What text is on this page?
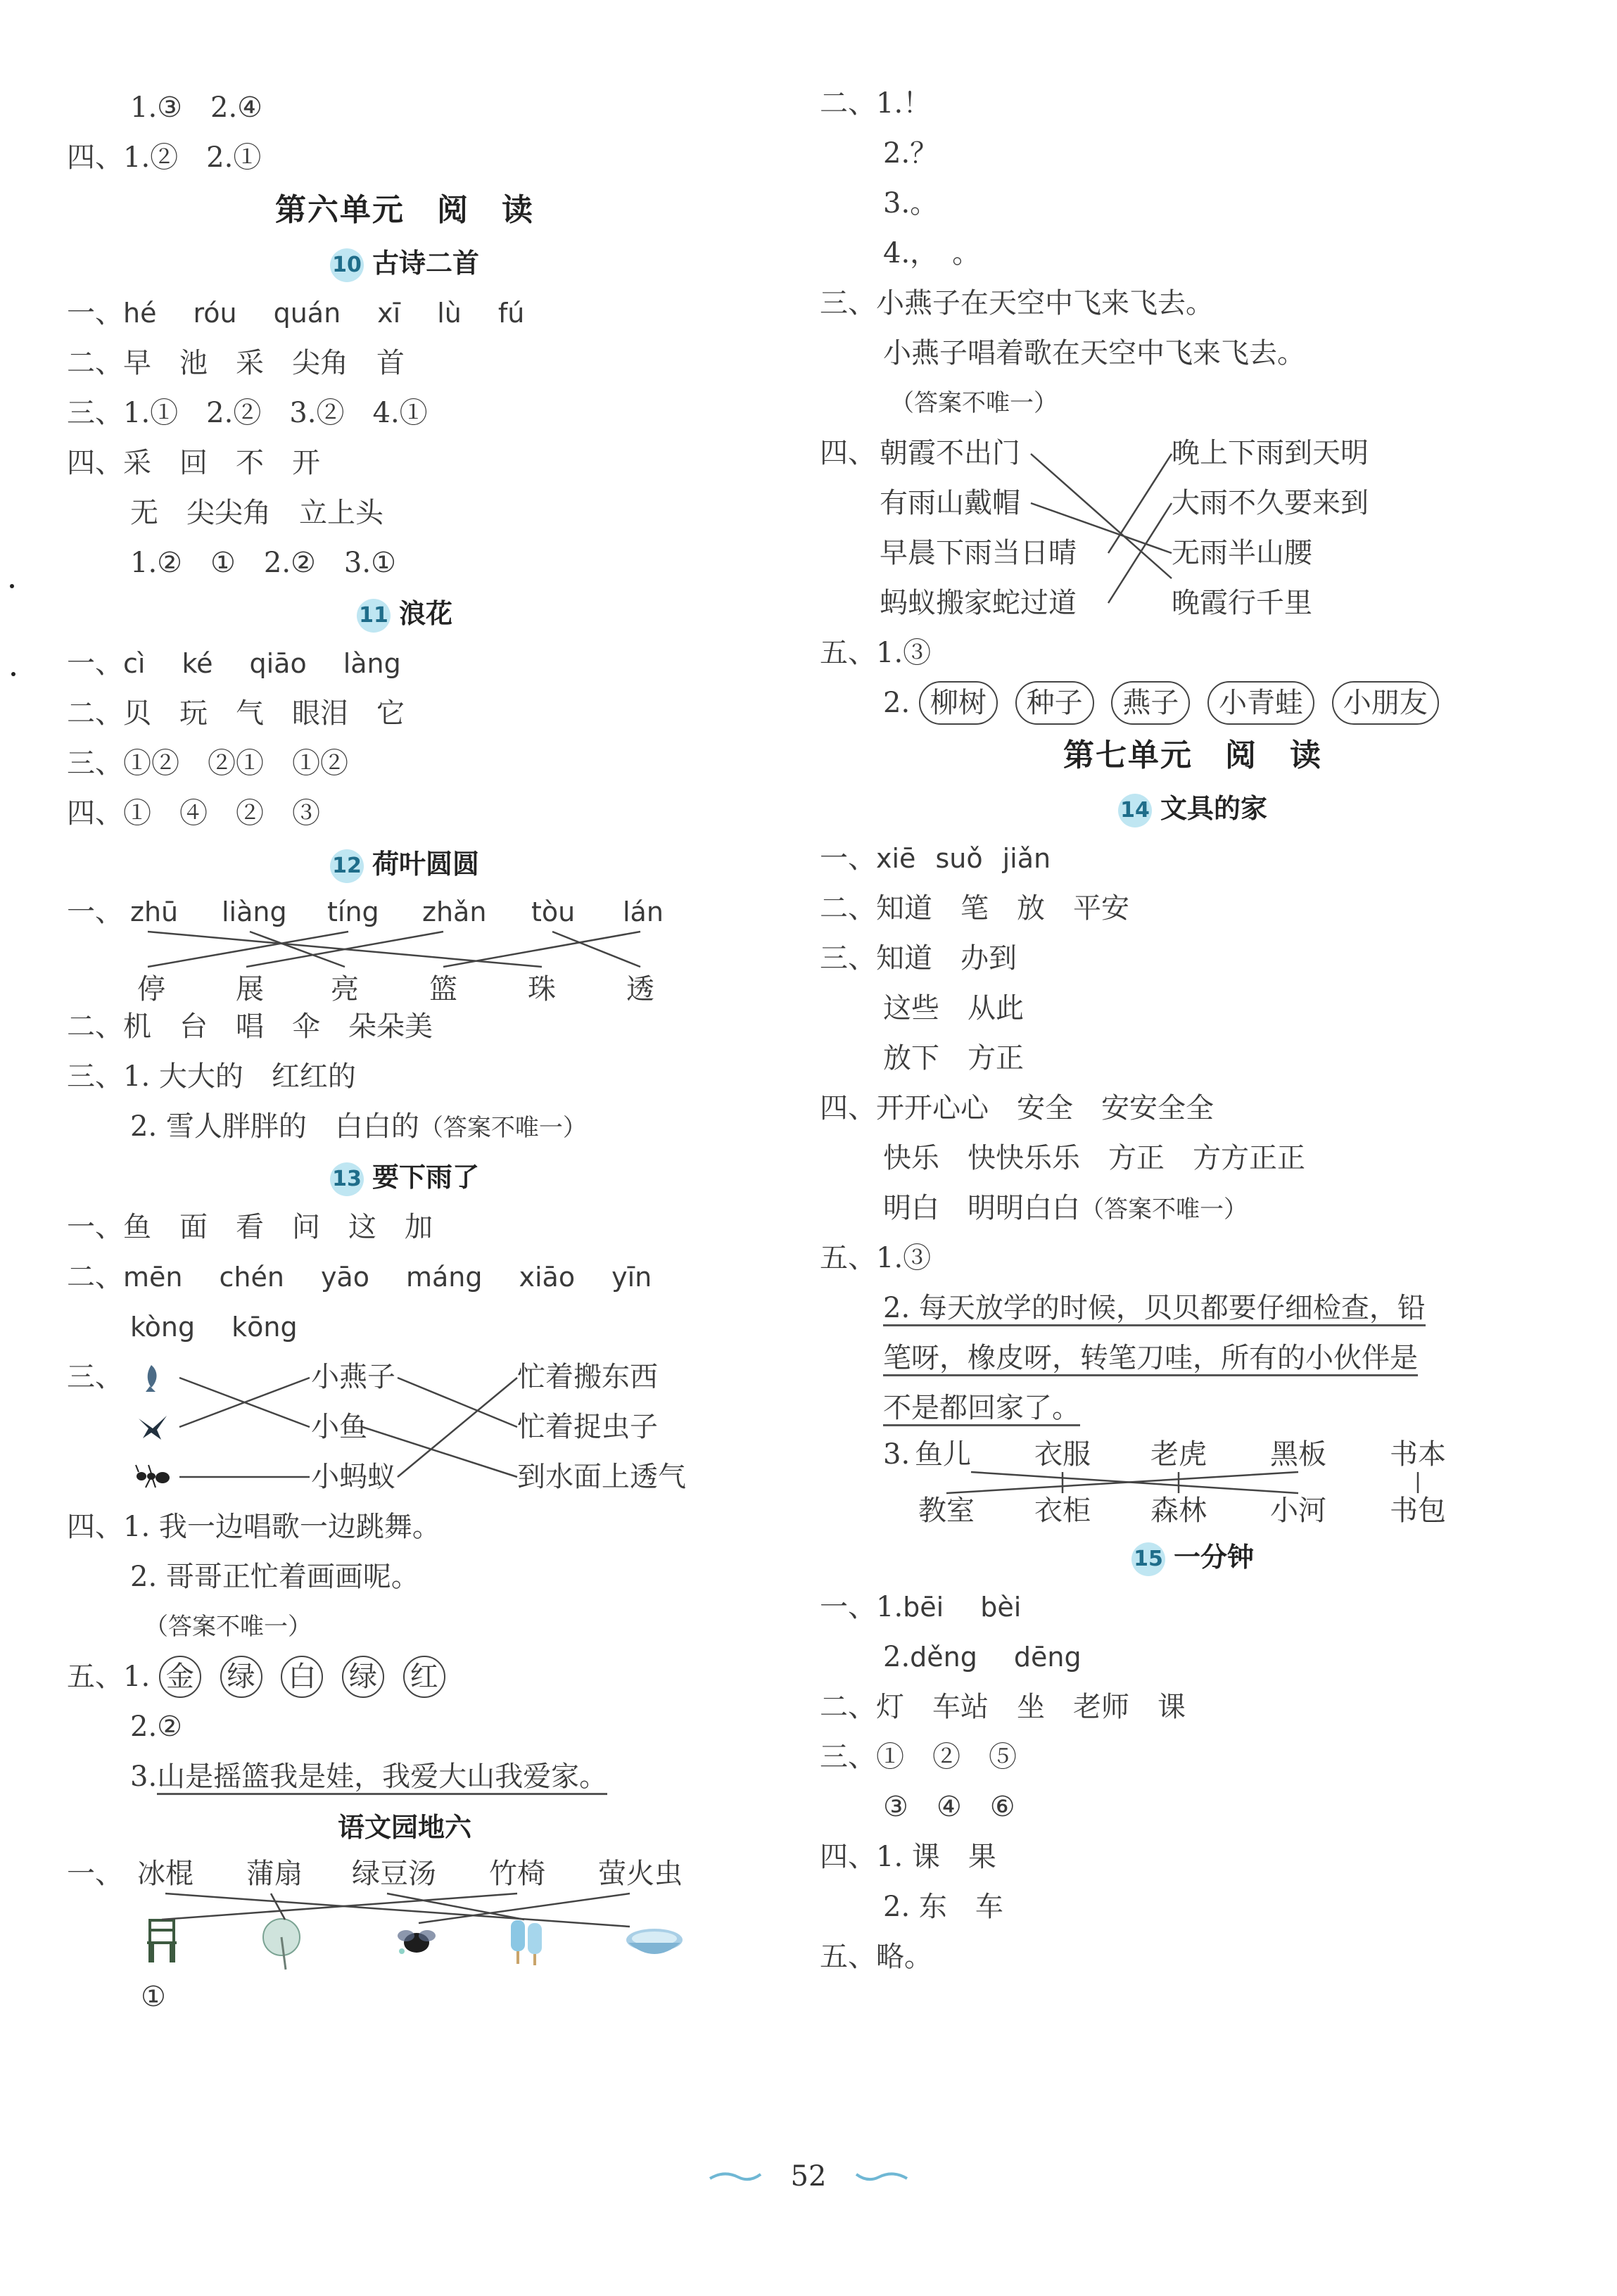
1.③　2.④
四、1.②　2.①
第六单元　阅　读
10 古诗二首
一、hé róu quán xī lù fú
二、早　池　采　尖角　首
三、1.①　2.②　3.②　4.①
四、采　回　不　开
无　尖尖角　立上头
1.②　①　2.②　3.①
11 浪花
一、cì ké qiāo làng
二、贝　玩　气　眼泪　它
三、①②　②①　①②
四、①　④　②　③
12 荷叶圆圆
一、 zhū liàng tíng zhǎn tòu lán
停	展 亮	篮	珠	透
二、机　台　唱　伞　朵朵美
三、1. 大大的　红红的
2. 雪人胖胖的　白白的（答案不唯一）
13 要下雨了
一、鱼　面　看　问　这　加
二、mēn chén yāo máng xiāo yīn
kòng kōng
三、	小燕子
小鱼
小蚂蚁
忙着搬东西
忙着捉虫子
到水面上透气
四、1. 我一边唱歌一边跳舞。
2. 哥哥正忙着画画呢。
（答案不唯一）
五、1. 金 绿 白 绿 红
2.②
3.山是摇篮我是娃，我爱大山我爱家。
语文园地六
一、 冰棍 蒲扇 绿豆汤 竹椅 萤火虫
①
二、1.！
2.？
3.。
4.，　。
三、小燕子在天空中飞来飞去。
小燕子唱着歌在天空中飞来飞去。
（答案不唯一）
四、 朝霞不出门
有雨山戴帽
早晨下雨当日晴
蚂蚁搬家蛇过道
晚上下雨到天明
大雨不久要来到
无雨半山腰
晚霞行千里
五、1.③
2. 柳树 种子 燕子 小青蛙 小朋友
第七单元　阅　读
14 文具的家
一、xiē suǒ jiǎn
二、知道　笔　放　平安
三、知道　办到
这些　从此
放下　方正
四、开开心心　安全　安安全全
快乐　快快乐乐　方正　方方正正
明白　明明白白（答案不唯一）
五、1.③
2. 每天放学的时候，贝贝都要仔细检查，铅
笔呀，橡皮呀，转笔刀哇，所有的小伙伴是
不是都回家了。
3. 鱼儿 衣服 老虎 黑板 书本
教室 衣柜 森林 小河 书包
15 一分钟
一、1.bēi bèi
2.děng dēng
二、灯　车站　坐　老师　课
三、①　②　⑤
③　④　⑥
四、1. 课　果
2. 东　车
五、略。
52
